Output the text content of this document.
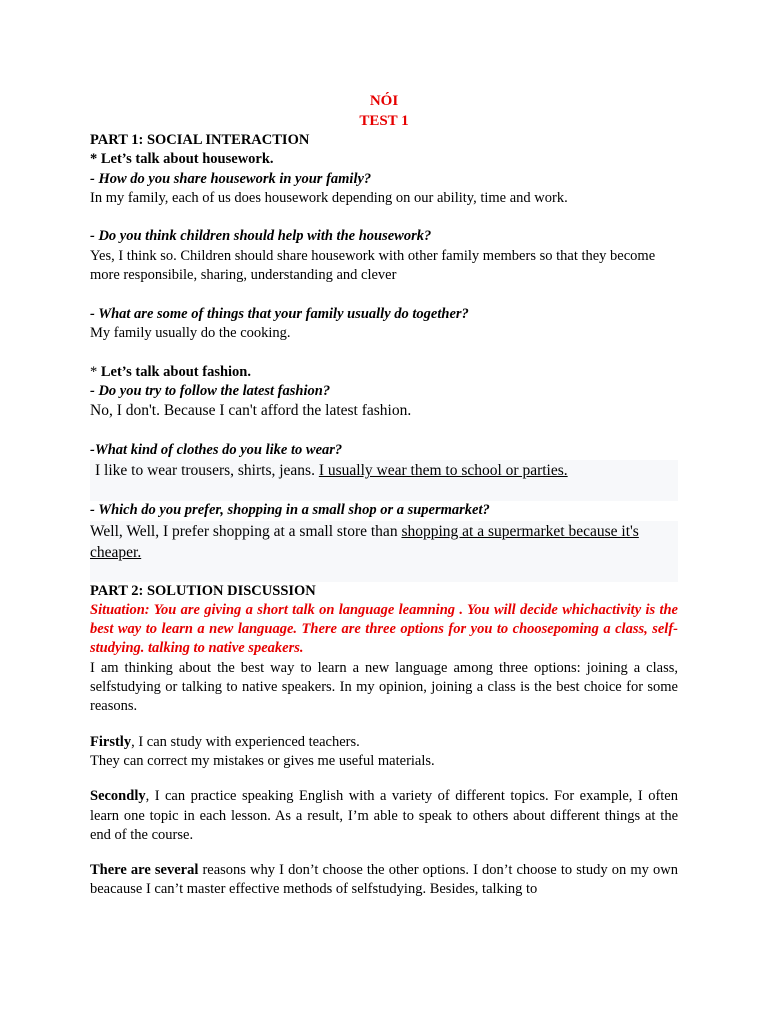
NÓI
TEST 1
PART 1: SOCIAL INTERACTION
* Let’s talk about housework.
- How do you share housework in your family?
In my family, each of us does housework depending on our ability, time and work.
- Do you think children should help with the housework?
Yes, I think so. Children should share housework with other family members so that they become more responsibile, sharing, understanding and clever
- What are some of things that your family usually do together?
My family usually do the cooking.
* Let’s talk about fashion.
- Do you try to follow the latest fashion?
No, I don't. Because I can't afford the latest fashion.
-What kind of clothes do you like to wear?
I like to wear trousers, shirts, jeans. I usually wear them to school or parties.
- Which do you prefer, shopping in a small shop or a supermarket?
Well, Well, I prefer shopping at a small store than shopping at a supermarket because it's cheaper.
PART 2: SOLUTION DISCUSSION
Situation: You are giving a short talk on language leamning . You will decide whichactivity is the best way to learn a new language. There are three options for you to choosepoming a class, self-studying. talking to native speakers.
I am thinking about the best way to learn a new language among three options: joining a class, selfstudying or talking to native speakers. In my opinion, joining a class is the best choice for some reasons.
Firstly, I can study with experienced teachers.
They can correct my mistakes or gives me useful materials.
Secondly, I can practice speaking English with a variety of different topics. For example, I often learn one topic in each lesson. As a result, I’m able to speak to others about different things at the end of the course.
There are several reasons why I don’t choose the other options. I don’t choose to study on my own beacause I can’t master effective methods of selfstudying. Besides, talking to
